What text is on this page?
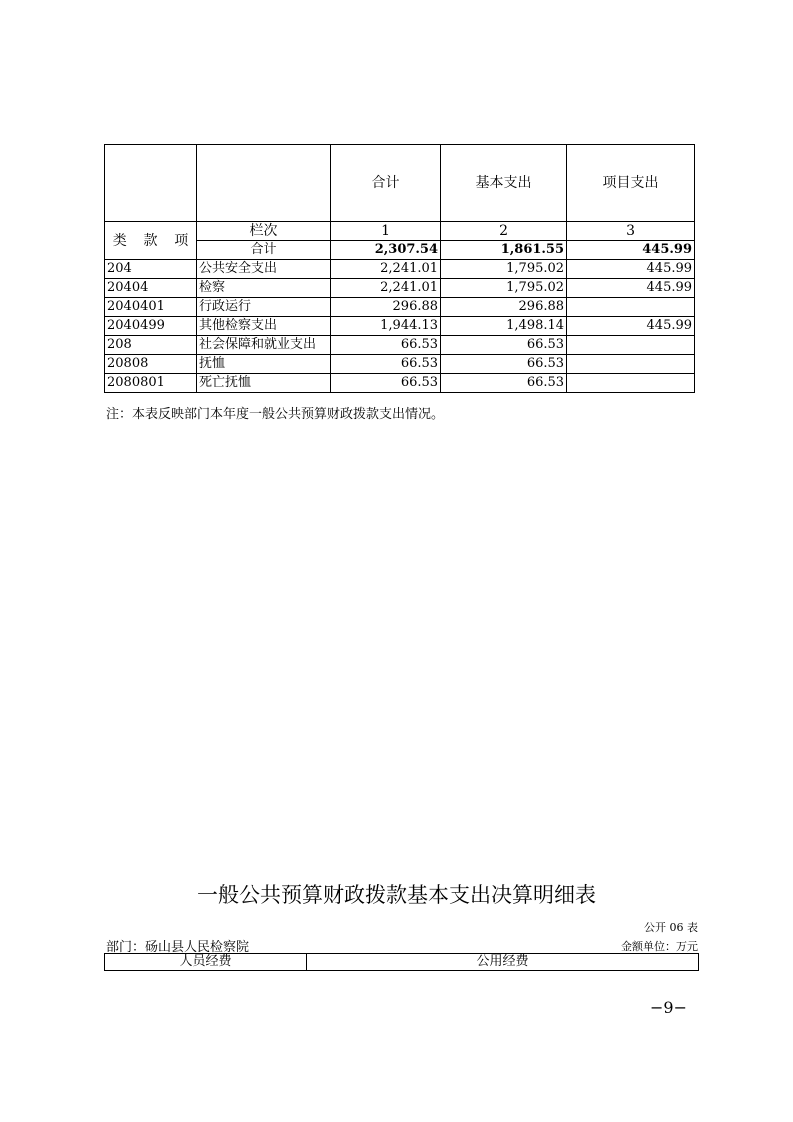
				合计	基本支出	项目支出
类	款	项	栏次	1	2	3
			合计	2,307.54	1,861.55	445.99
204			公共安全支出	2,241.01	1,795.02	445.99
20404			检察	2,241.01	1,795.02	445.99
2040401			行政运行	296.88	296.88	
2040499			其他检察支出	1,944.13	1,498.14	445.99
208			社会保障和就业支出	66.53	66.53	
20808			抚恤	66.53	66.53	
2080801			死亡抚恤	66.53	66.53	
注：本表反映部门本年度一般公共预算财政拨款支出情况。
一般公共预算财政拨款基本支出决算明细表
公开 06 表
部门：砀山县人民检察院	金额单位：万元
人员经费	公用经费
−9−
